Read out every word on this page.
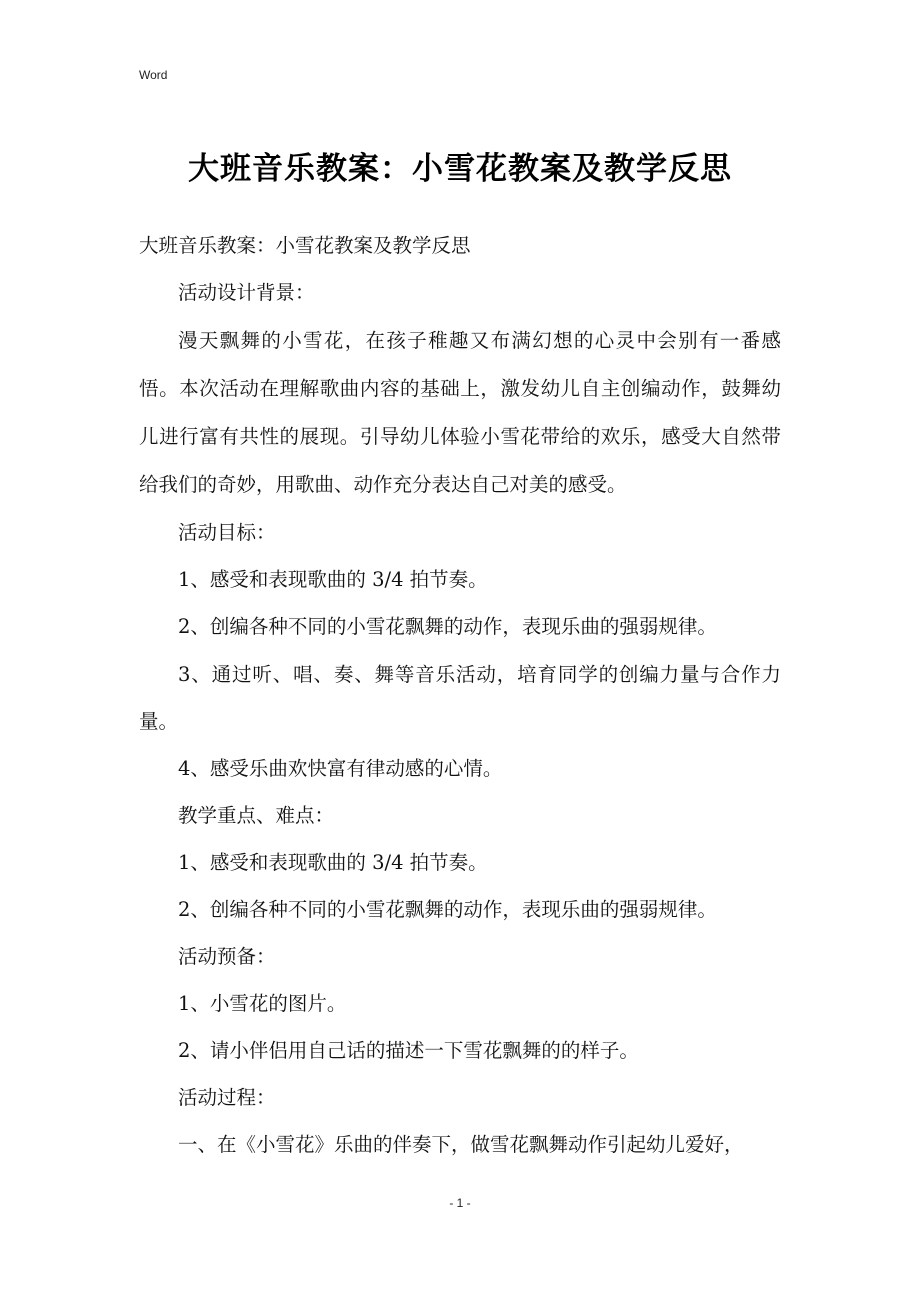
Word
大班音乐教案：小雪花教案及教学反思

大班音乐教案：小雪花教案及教学反思

活动设计背景：

漫天飘舞的小雪花，在孩子稚趣又布满幻想的心灵中会别有一番感悟。本次活动在理解歌曲内容的基础上，激发幼儿自主创编动作，鼓舞幼儿进行富有共性的展现。引导幼儿体验小雪花带给的欢乐，感受大自然带给我们的奇妙，用歌曲、动作充分表达自己对美的感受。

活动目标：

1、感受和表现歌曲的 3/4 拍节奏。

2、创编各种不同的小雪花飘舞的动作，表现乐曲的强弱规律。

3、通过听、唱、奏、舞等音乐活动，培育同学的创编力量与合作力量。

4、感受乐曲欢快富有律动感的心情。

教学重点、难点：

1、感受和表现歌曲的 3/4 拍节奏。

2、创编各种不同的小雪花飘舞的动作，表现乐曲的强弱规律。

活动预备：

1、小雪花的图片。

2、请小伴侣用自己话的描述一下雪花飘舞的的样子。

活动过程：

一、在《小雪花》乐曲的伴奏下，做雪花飘舞动作引起幼儿爱好，

- 1 -
